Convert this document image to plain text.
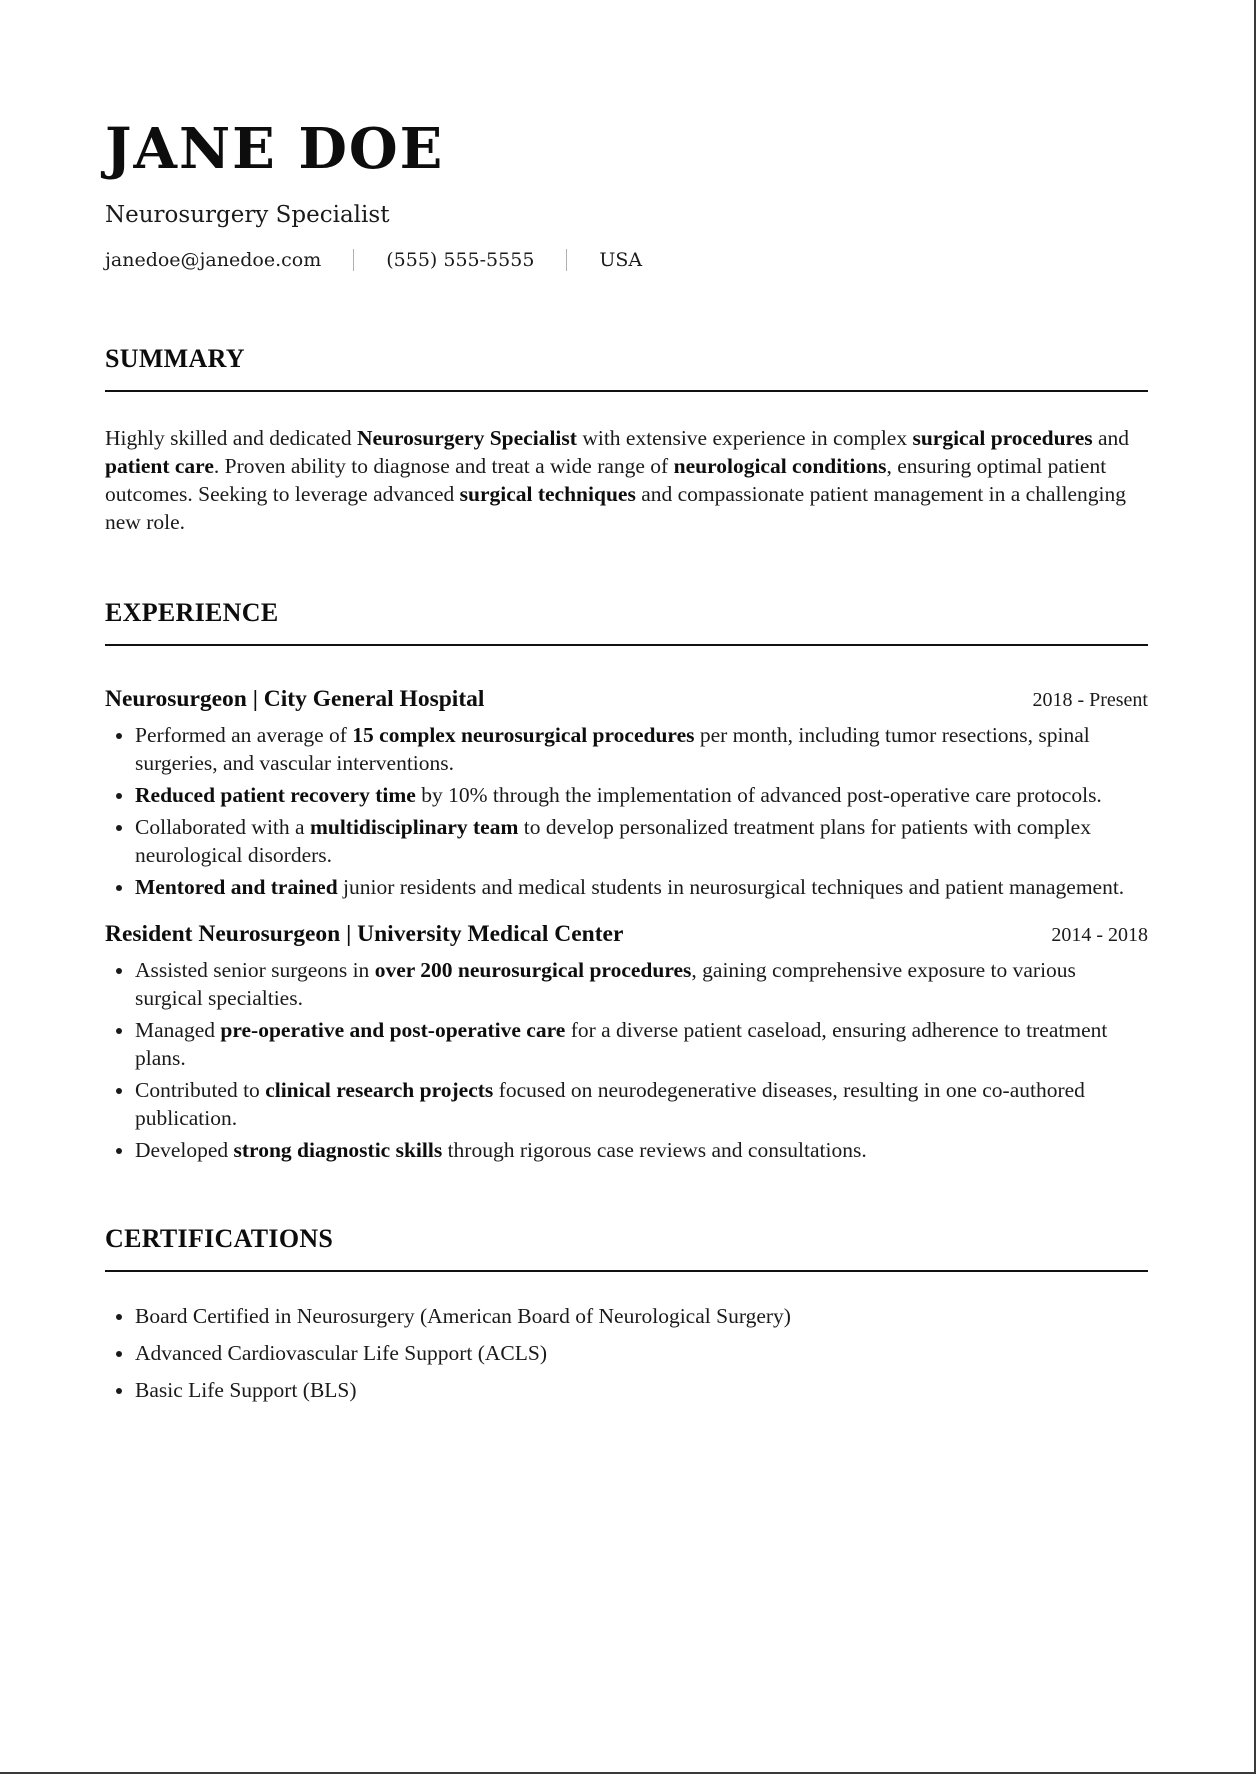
JANE DOE
Neurosurgery Specialist
janedoe@janedoe.com	(555) 555-5555	USA
SUMMARY

Highly skilled and dedicated Neurosurgery Specialist with extensive experience in complex surgical procedures and patient care. Proven ability to diagnose and treat a wide range of neurological conditions, ensuring optimal patient outcomes. Seeking to leverage advanced surgical techniques and compassionate patient management in a challenging new role.

EXPERIENCE
Neurosurgeon | City General Hospital	2018 - Present
• Performed an average of 15 complex neurosurgical procedures per month, including tumor resections, spinal surgeries, and vascular interventions.
• Reduced patient recovery time by 10% through the implementation of advanced post-operative care protocols.
• Collaborated with a multidisciplinary team to develop personalized treatment plans for patients with complex neurological disorders.
• Mentored and trained junior residents and medical students in neurosurgical techniques and patient management.
Resident Neurosurgeon | University Medical Center	2014 - 2018
• Assisted senior surgeons in over 200 neurosurgical procedures, gaining comprehensive exposure to various surgical specialties.
• Managed pre-operative and post-operative care for a diverse patient caseload, ensuring adherence to treatment plans.
• Contributed to clinical research projects focused on neurodegenerative diseases, resulting in one co-authored publication.
• Developed strong diagnostic skills through rigorous case reviews and consultations.
CERTIFICATIONS
• Board Certified in Neurosurgery (American Board of Neurological Surgery)
• Advanced Cardiovascular Life Support (ACLS)
• Basic Life Support (BLS)
